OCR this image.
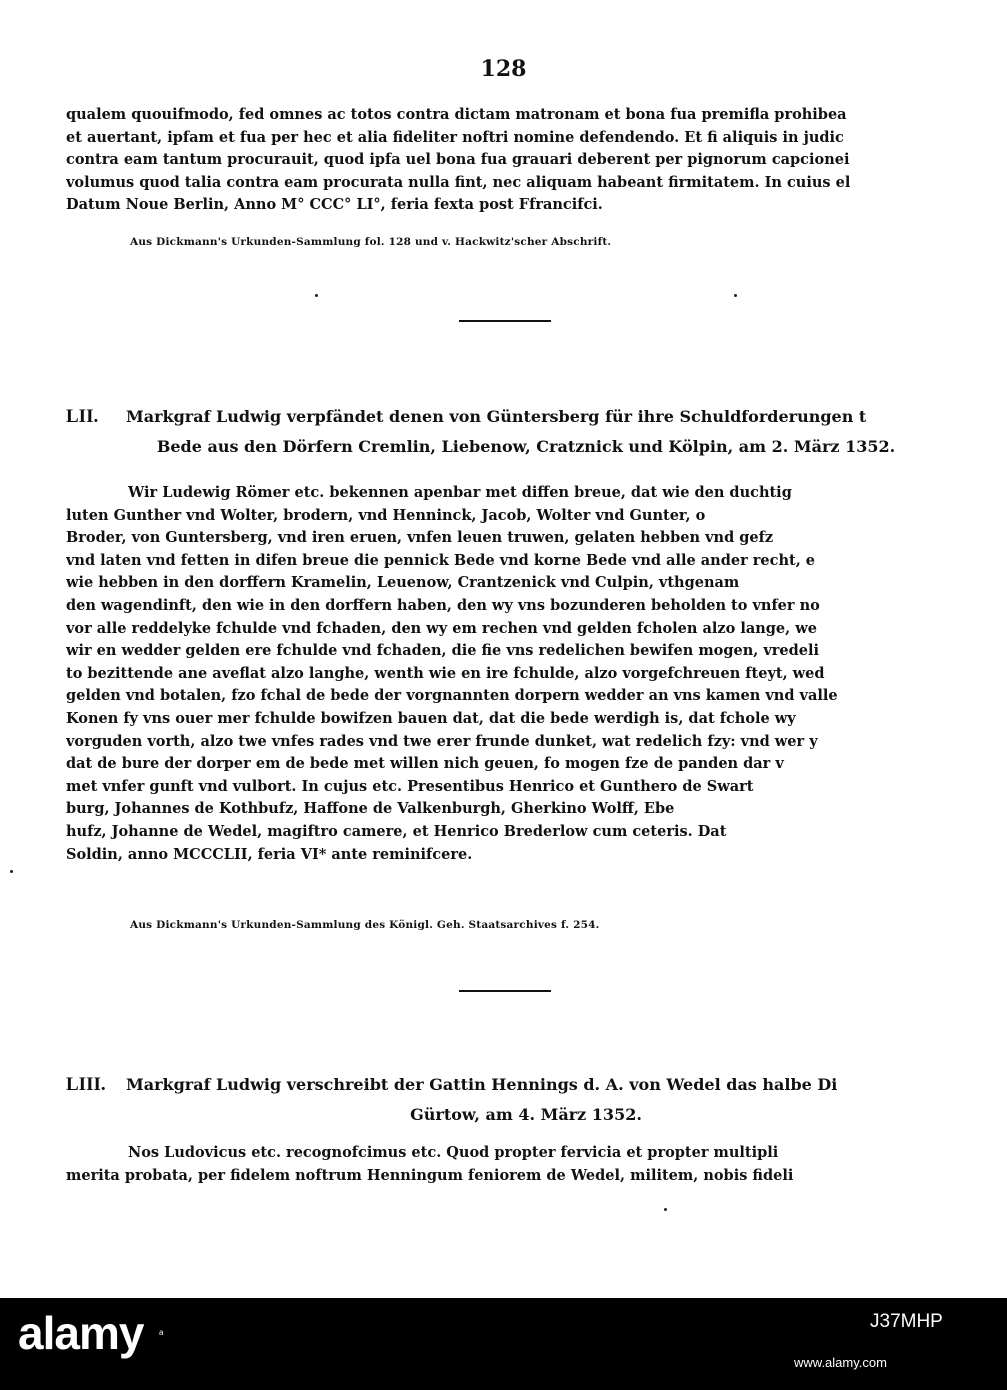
128
qualem quouifmodo, fed omnes ac totos contra dictam matronam et bona fua premifla prohibea
et auertant, ipfam et fua per hec et alia fideliter noftri nomine defendendo. Et fi aliquis in judic
contra eam tantum procurauit, quod ipfa uel bona fua grauari deberent per pignorum capcionei
volumus quod talia contra eam procurata nulla fint, nec aliquam habeant firmitatem. In cuius el
Datum Noue Berlin, Anno M° CCC° LI°, feria fexta post Ffrancifci.
Aus Dickmann's Urkunden-Sammlung fol. 128 und v. Hackwitz'scher Abschrift.
LII. Markgraf Ludwig verpfändet denen von Güntersberg für ihre Schuldforderungen t
Bede aus den Dörfern Cremlin, Liebenow, Cratznick und Kölpin, am 2. März 1352.
Wir Ludewig Römer etc. bekennen apenbar met diffen breue, dat wie den duchtig
luten Gunther vnd Wolter, brodern, vnd Henninck, Jacob, Wolter vnd Gunter, o
Broder, von Guntersberg, vnd iren eruen, vnfen leuen truwen, gelaten hebben vnd gefz
vnd laten vnd fetten in difen breue die pennick Bede vnd korne Bede vnd alle ander recht, e
wie hebben in den dorffern Kramelin, Leuenow, Crantzenick vnd Culpin, vthgenam
den wagendinft, den wie in den dorffern haben, den wy vns bozunderen beholden to vnfer no
vor alle reddelyke fchulde vnd fchaden, den wy em rechen vnd gelden fcholen alzo lange, we
wir en wedder gelden ere fchulde vnd fchaden, die fie vns redelichen bewifen mogen, vredeli
to bezittende ane aveflat alzo langhe, wenth wie en ire fchulde, alzo vorgefchreuen fteyt, wed
gelden vnd botalen, fzo fchal de bede der vorgnannten dorpern wedder an vns kamen vnd valle
Konen fy vns ouer mer fchulde bowifzen bauen dat, dat die bede werdigh is, dat fchole wy
vorguden vorth, alzo twe vnfes rades vnd twe erer frunde dunket, wat redelich fzy: vnd wer y
dat de bure der dorper em de bede met willen nich geuen, fo mogen fze de panden dar v
met vnfer gunft vnd vulbort. In cujus etc. Presentibus Henrico et Gunthero de Swart
burg, Johannes de Kothbufz, Haffone de Valkenburgh, Gherkino Wolff, Ebe
hufz, Johanne de Wedel, magiftro camere, et Henrico Brederlow cum ceteris. Dat
Soldin, anno MCCCLII, feria VI* ante reminifcere.
Aus Dickmann's Urkunden-Sammlung des Königl. Geh. Staatsarchives f. 254.
LIII. Markgraf Ludwig verschreibt der Gattin Hennings d. A. von Wedel das halbe Di
Gürtow, am 4. März 1352.
Nos Ludovicus etc. recognofcimus etc. Quod propter fervicia et propter multipli
merita probata, per fidelem noftrum Henningum feniorem de Wedel, militem, nobis fideli
alamy a
J37MHP
www.alamy.com
